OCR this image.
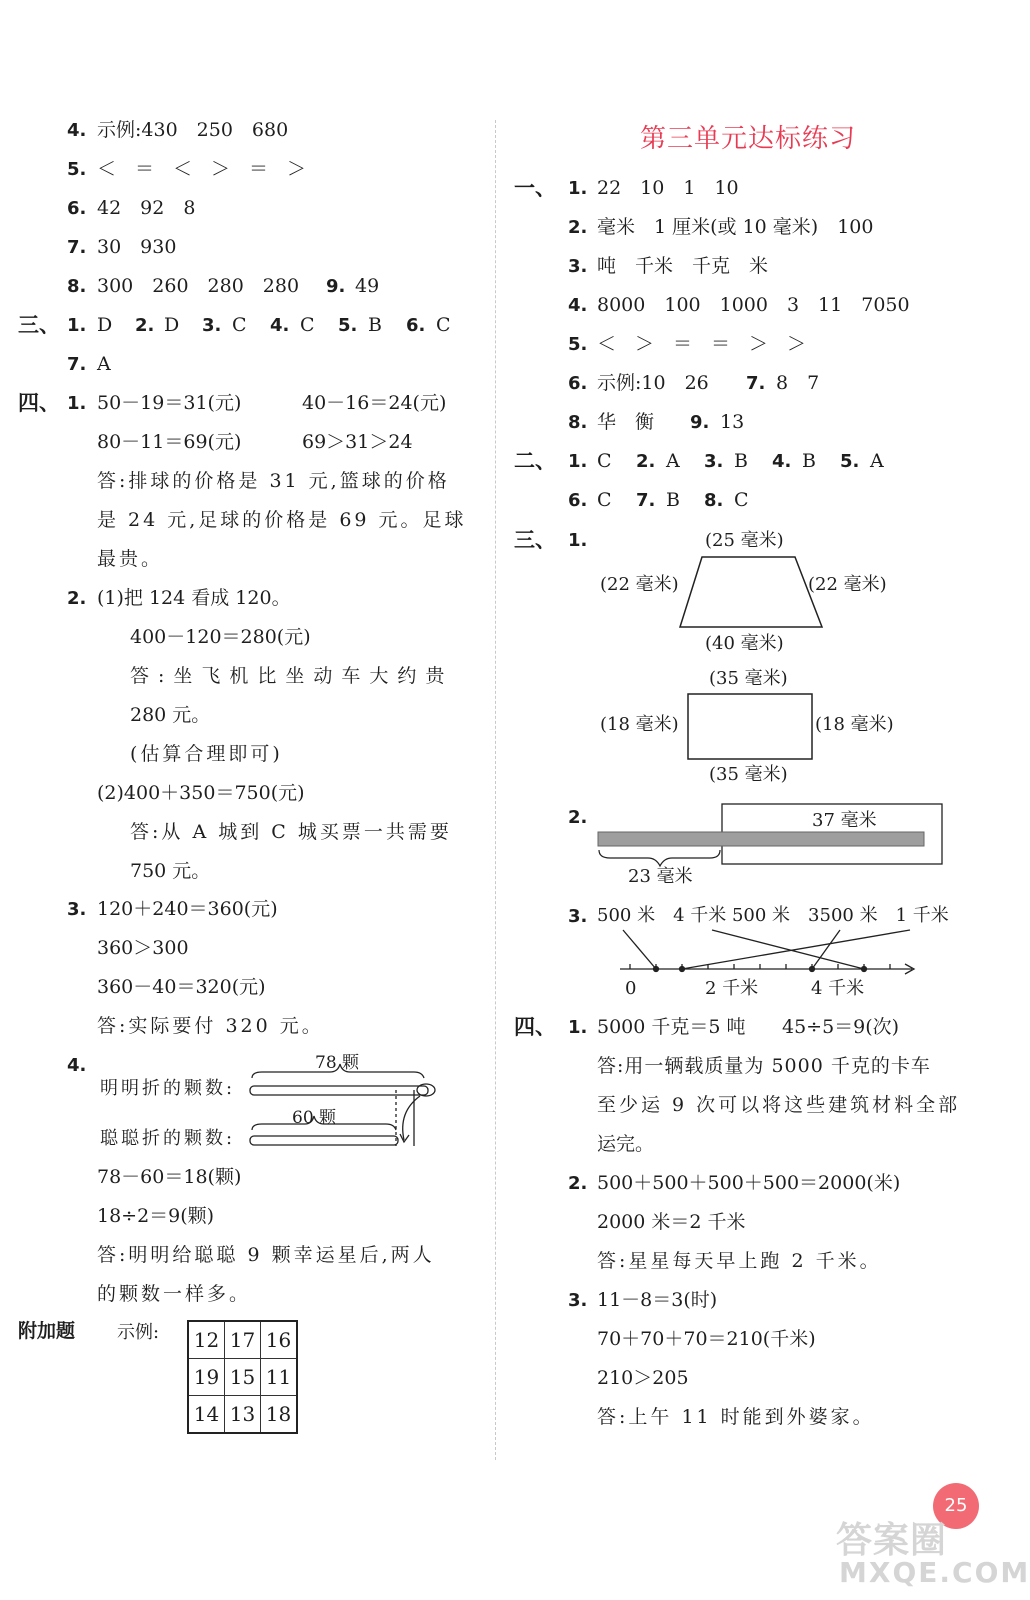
4. 示例:430　250　680
5. ＜　＝　＜　＞　＝　＞
6. 42　92　8
7. 30　930
8. 300　260　280　280 9. 49
三、 1. D 2. D 3. C 4. C 5. B 6. C
7. A
四、 1. 50－19＝31(元)	40－16＝24(元)
80－11＝69(元)	69＞31＞24
答:排球的价格是 31 元,篮球的价格
是 24 元,足球的价格是 69 元。足球
最贵。
2. (1)把 124 看成 120。
400－120＝280(元)
答:坐飞机比坐动车大约贵
280 元。
(估算合理即可)
(2)400＋350＝750(元)
答:从 A 城到 C 城买票一共需要
750 元。
3. 120＋240＝360(元)
360＞300
360－40＝320(元)
答:实际要付 320 元。
4.	78 颗
明明折的颗数:
60 颗
聪聪折的颗数:
78－60＝18(颗)
18÷2＝9(颗)
答:明明给聪聪 9 颗幸运星后,两人
的颗数一样多。
附加题 示例: 12	17	16
19	15	11
14	13	18
第三单元达标练习
一、 1. 22　10　1　10
2. 毫米　1 厘米(或 10 毫米)　100
3. 吨　千米　千克　米
4. 8000　100　1000　3　11　7050
5. ＜　＞　＝　＝　＞　＞
6. 示例:10　26 7. 8　7
8. 华　衡 9. 13
二、 1. C 2. A 3. B 4. B 5. A
6. C 7. B 8. C
三、 1.	(25 毫米)
(22 毫米)	(22 毫米)
(40 毫米)
(35 毫米)
(18 毫米)	(18 毫米)
(35 毫米)
2.	37 毫米
23 毫米
3. 500 米　4 千米 500 米　3500 米　1 千米
0	2 千米	4 千米
四、 1. 5000 千克＝5 吨 45÷5＝9(次)
答:用一辆载质量为 5000 千克的卡车
至少运 9 次可以将这些建筑材料全部
运完。
2. 500＋500＋500＋500＝2000(米)
2000 米＝2 千米
答:星星每天早上跑 2 千米。
3. 11－8＝3(时)
70＋70＋70＝210(千米)
210＞205
答:上午 11 时能到外婆家。
25
答案圈
MXQE.COM
